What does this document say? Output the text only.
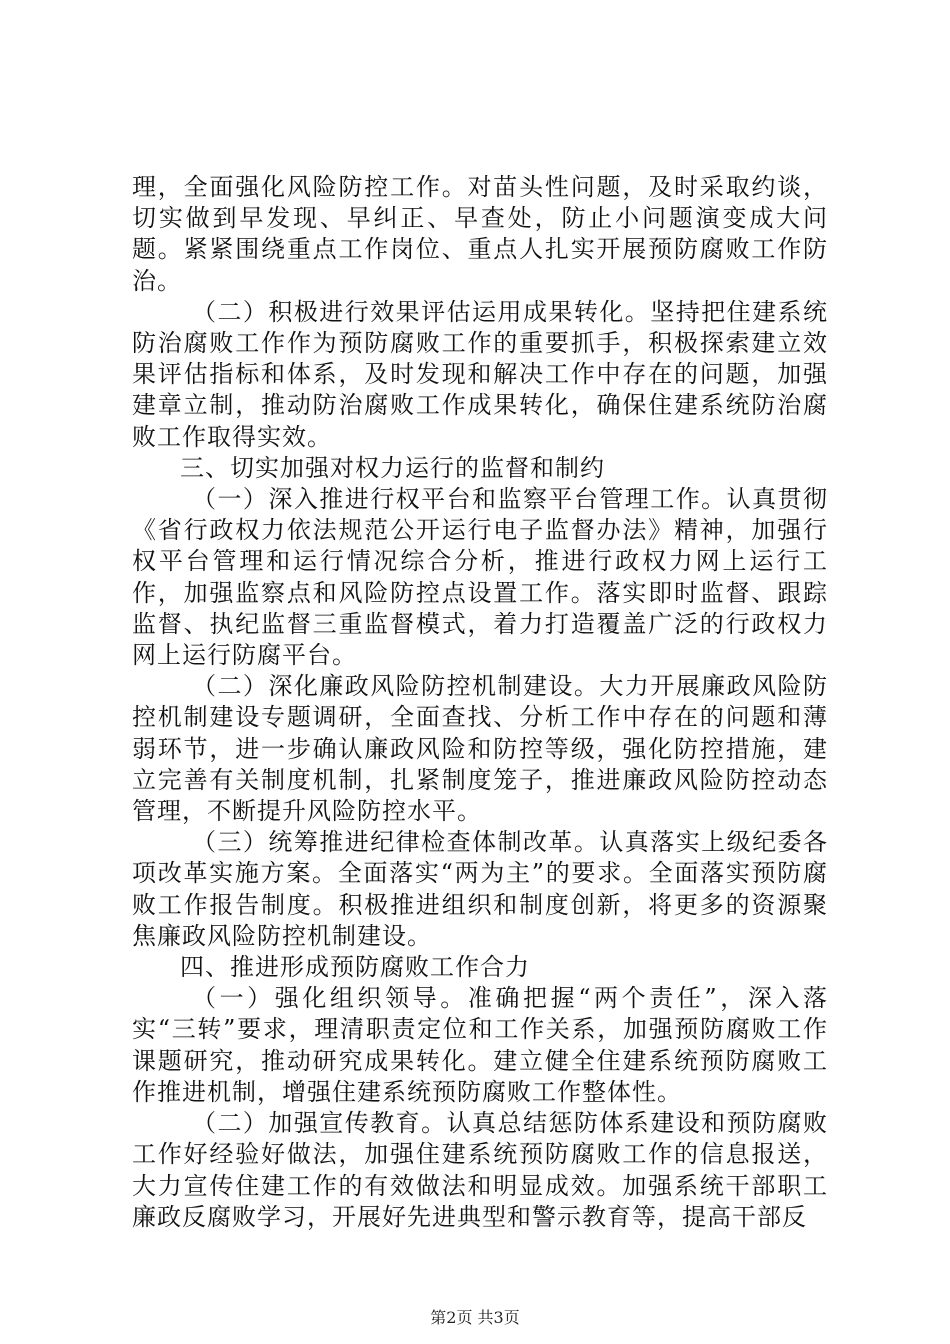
理，全面强化风险防控工作。对苗头性问题，及时采取约谈，切实做到早发现、早纠正、早查处，防止小问题演变成大问题。紧紧围绕重点工作岗位、重点人扎实开展预防腐败工作防治。

（二）积极进行效果评估运用成果转化。坚持把住建系统防治腐败工作作为预防腐败工作的重要抓手，积极探索建立效果评估指标和体系，及时发现和解决工作中存在的问题，加强建章立制，推动防治腐败工作成果转化，确保住建系统防治腐败工作取得实效。

三、切实加强对权力运行的监督和制约

（一）深入推进行权平台和监察平台管理工作。认真贯彻《省行政权力依法规范公开运行电子监督办法》精神，加强行权平台管理和运行情况综合分析，推进行政权力网上运行工作，加强监察点和风险防控点设置工作。落实即时监督、跟踪监督、执纪监督三重监督模式，着力打造覆盖广泛的行政权力网上运行防腐平台。

（二）深化廉政风险防控机制建设。大力开展廉政风险防控机制建设专题调研，全面查找、分析工作中存在的问题和薄弱环节，进一步确认廉政风险和防控等级，强化防控措施，建立完善有关制度机制，扎紧制度笼子，推进廉政风险防控动态管理，不断提升风险防控水平。

（三）统筹推进纪律检查体制改革。认真落实上级纪委各项改革实施方案。全面落实“两为主”的要求。全面落实预防腐败工作报告制度。积极推进组织和制度创新，将更多的资源聚焦廉政风险防控机制建设。

四、推进形成预防腐败工作合力

（一）强化组织领导。准确把握“两个责任”，深入落实“三转”要求，理清职责定位和工作关系，加强预防腐败工作课题研究，推动研究成果转化。建立健全住建系统预防腐败工作推进机制，增强住建系统预防腐败工作整体性。

（二）加强宣传教育。认真总结惩防体系建设和预防腐败工作好经验好做法，加强住建系统预防腐败工作的信息报送，大力宣传住建工作的有效做法和明显成效。加强系统干部职工廉政反腐败学习，开展好先进典型和警示教育等，提高干部反

第2页 共3页
